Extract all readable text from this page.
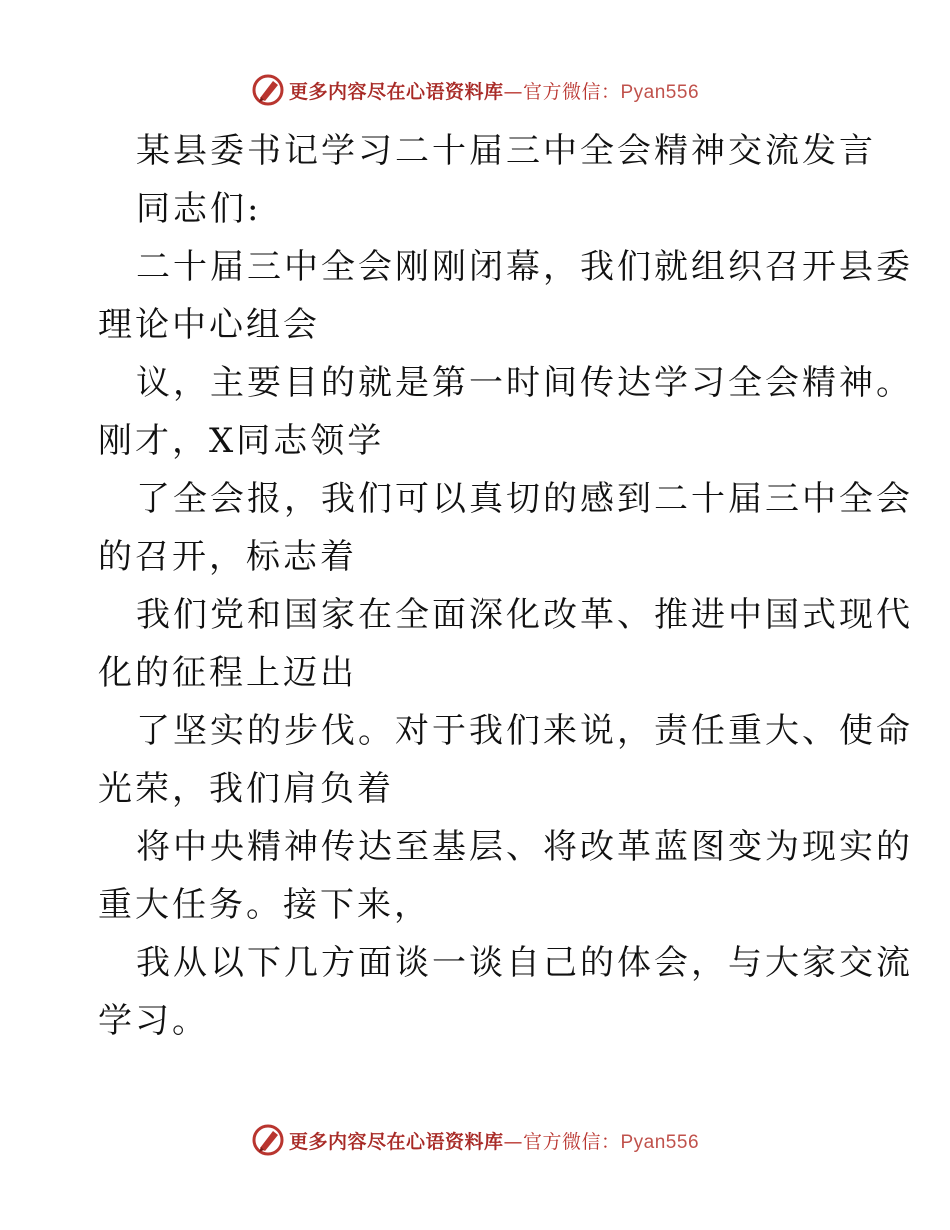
更多内容尽在心语资料库—官方微信：Pyan556
某县委书记学习二十届三中全会精神交流发言
同志们:
二十届三中全会刚刚闭幕，我们就组织召开县委
理论中心组会
议，主要目的就是第一时间传达学习全会精神。
刚才，X同志领学
了全会报，我们可以真切的感到二十届三中全会
的召开，标志着
我们党和国家在全面深化改革、推进中国式现代
化的征程上迈出
了坚实的步伐。对于我们来说，责任重大、使命
光荣，我们肩负着
将中央精神传达至基层、将改革蓝图变为现实的
重大任务。接下来，
我从以下几方面谈一谈自己的体会，与大家交流
学习。
更多内容尽在心语资料库—官方微信：Pyan556
